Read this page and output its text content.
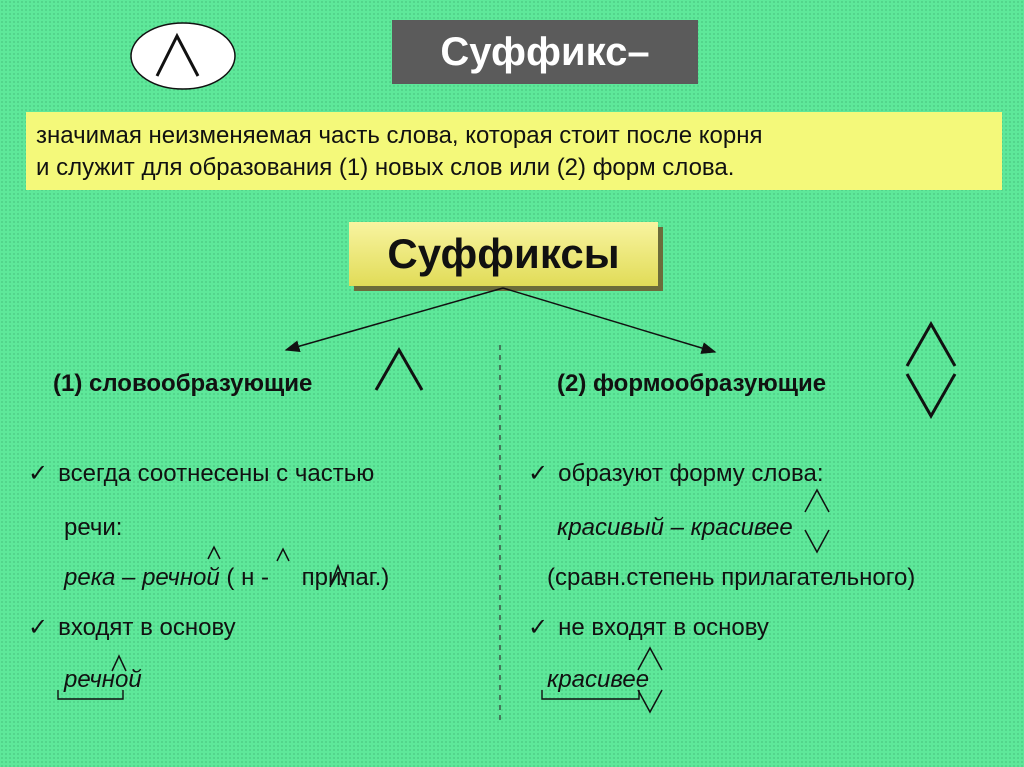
Суффикс–
значимая неизменяемая часть слова, которая стоит после корня
и служит для образования (1) новых слов или (2) форм слова.
Суффиксы
(1) словообразующие
✓ всегда соотнесены с частью
речи:
река – речной ( н - прилаг.)
✓ входят в основу
речной
(2) формообразующие
✓ образуют форму слова:
красивый – красивее
(сравн.степень прилагательного)
✓ не входят в основу
красивее
